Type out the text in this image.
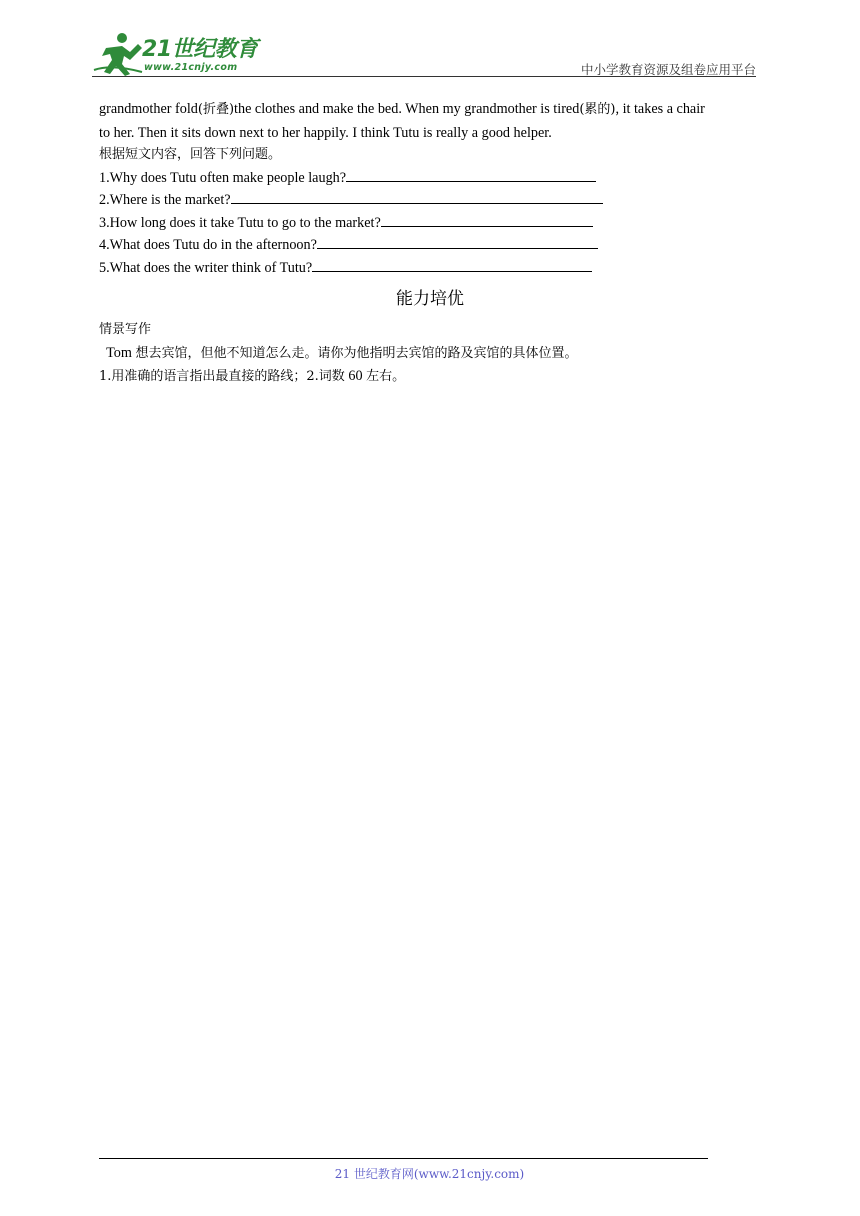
21世纪教育
www.21cnjy.com	中小学教育资源及组卷应用平台
grandmother fold(折叠)the clothes and make the bed. When my grandmother is tired(累的), it takes a chair
to her. Then it sits down next to her happily. I think Tutu is really a good helper.
根据短文内容，回答下列问题。
1.Why does Tutu often make people laugh?
2.Where is the market?
3.How long does it take Tutu to go to the market?
4.What does Tutu do in the afternoon?
5.What does the writer think of Tutu?
能力培优
情景写作
Tom 想去宾馆，但他不知道怎么走。请你为他指明去宾馆的路及宾馆的具体位置。
1.用准确的语言指出最直接的路线；2.词数 60 左右。
21 世纪教育网(www.21cnjy.com)
